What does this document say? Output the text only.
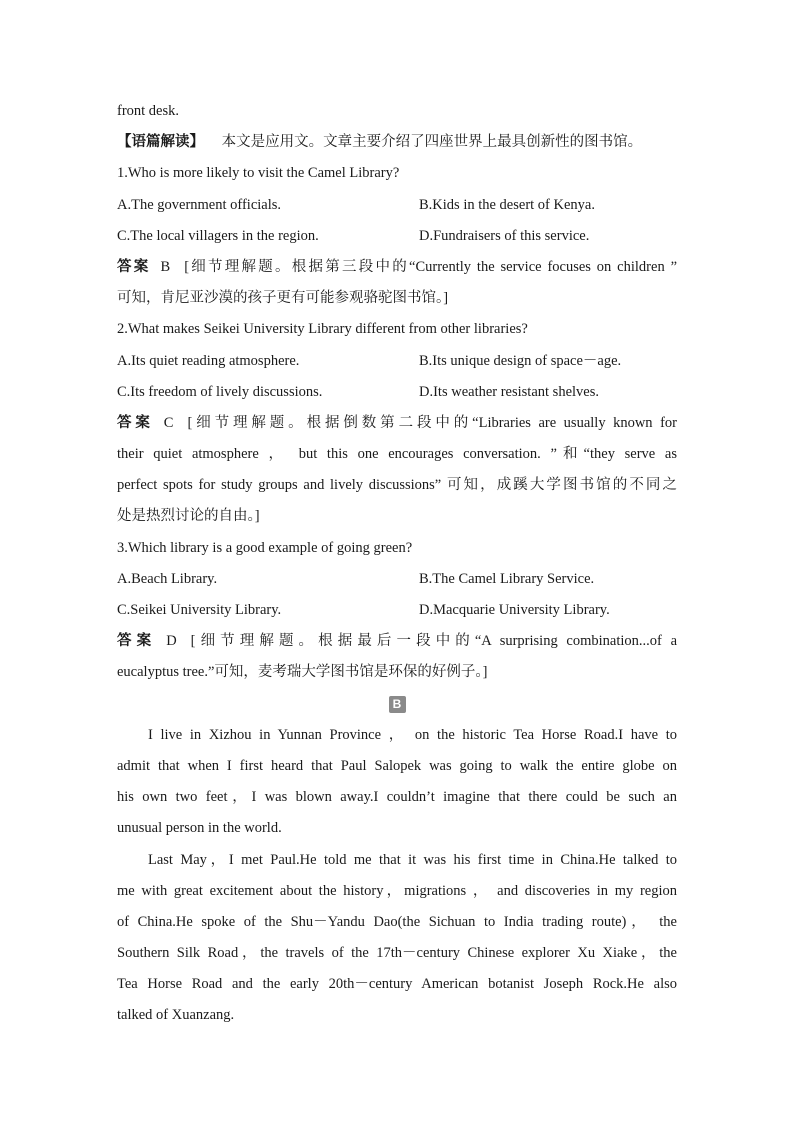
front desk.
【语篇解读】 本文是应用文。文章主要介绍了四座世界上最具创新性的图书馆。
1.Who is more likely to visit the Camel Library?
A.The government officials.	B.Kids in the desert of Kenya.
C.The local villagers in the region.	D.Fundraisers of this service.
答案 B [细节理解题。根据第三段中的“Currently the service focuses on children ”
可知，肯尼亚沙漠的孩子更有可能参观骆驼图书馆。]
2.What makes Seikei University Library different from other libraries?
A.Its quiet reading atmosphere.	B.Its unique design of space－age.
C.Its freedom of lively discussions.	D.Its weather resistant shelves.
答案 C [细节理解题。根据倒数第二段中的“Libraries are usually known for
their quiet atmosphere ， but this one encourages conversation. ”和“they serve as
perfect spots for study groups and lively discussions” 可知，成蹊大学图书馆的不同之
处是热烈讨论的自由。]
3.Which library is a good example of going green?
A.Beach Library.	B.The Camel Library Service.
C.Seikei University Library.	D.Macquarie University Library.
答案 D [细节理解题。根据最后一段中的“A surprising combination...of a
eucalyptus tree.”可知，麦考瑞大学图书馆是环保的好例子。]
B
I live in Xizhou in Yunnan Province ， on the historic Tea Horse Road.I have to
admit that when I first heard that Paul Salopek was going to walk the entire globe on
his own two feet，I was blown away.I couldn’t imagine that there could be such an
unusual person in the world.
Last May，I met Paul.He told me that it was his first time in China.He talked to
me with great excitement about the history，migrations ， and discoveries in my region
of China.He spoke of the Shu－Yandu Dao(the Sichuan to India trading route)， the
Southern Silk Road，the travels of the 17th－century Chinese explorer Xu Xiake，the
Tea Horse Road and the early 20th－century American botanist Joseph Rock.He also
talked of Xuanzang.
